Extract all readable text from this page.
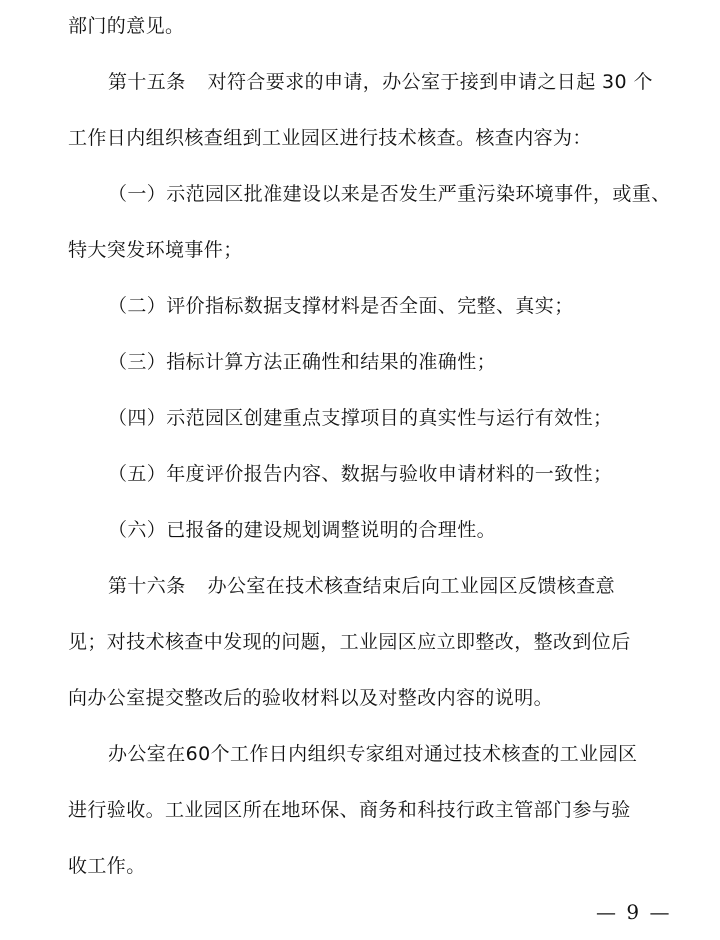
部门的意见。
第十五条 对符合要求的申请，办公室于接到申请之日起 30 个
工作日内组织核查组到工业园区进行技术核查。核查内容为：
（一）示范园区批准建设以来是否发生严重污染环境事件，或重、
特大突发环境事件；
（二）评价指标数据支撑材料是否全面、完整、真实；
（三）指标计算方法正确性和结果的准确性；
（四）示范园区创建重点支撑项目的真实性与运行有效性；
（五）年度评价报告内容、数据与验收申请材料的一致性；
（六）已报备的建设规划调整说明的合理性。
第十六条 办公室在技术核查结束后向工业园区反馈核查意
见；对技术核查中发现的问题，工业园区应立即整改，整改到位后
向办公室提交整改后的验收材料以及对整改内容的说明。
办公室在60个工作日内组织专家组对通过技术核查的工业园区
进行验收。工业园区所在地环保、商务和科技行政主管部门参与验
收工作。
— 9 —
